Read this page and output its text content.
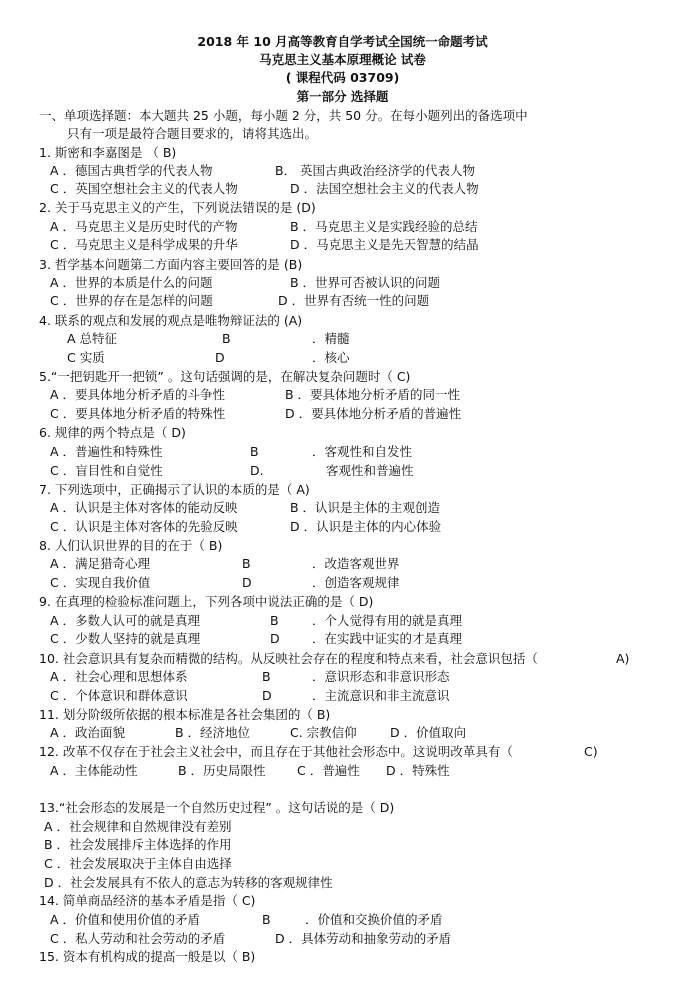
2018 年 10 月高等教育自学考试全国统一命题考试
马克思主义基本原理概论 试卷
( 课程代码 03709)
第一部分 选择题
一、单项选择题：本大题共 25 小题，每小题 2 分，共 50 分。在每小题列出的备选项中
只有一项是最符合题目要求的，请将其选出。
1. 斯密和李嘉图是 （ B)
A ．德国古典哲学的代表人物	B． 英国古典政治经济学的代表人物
C ．英国空想社会主义的代表人物	D ．法国空想社会主义的代表人物
2. 关于马克思主义的产生，下列说法错误的是 (D)
A ．马克思主义是历史时代的产物	B ．马克思主义是实践经验的总结
C ．马克思主义是科学成果的升华	D ．马克思主义是先天智慧的结晶
3. 哲学基本问题第二方面内容主要回答的是 (B)
A ．世界的本质是什么的问题	B ．世界可否被认识的问题
C ．世界的存在是怎样的问题	D ．世界有否统一性的问题
4. 联系的观点和发展的观点是唯物辩证法的 (A)
A 总特征	B	．精髓
C 实质	D	．核心
5.“一把钥匙开一把锁” 。这句话强调的是，在解决复杂问题时（ C)
A ．要具体地分析矛盾的斗争性	B ．要具体地分析矛盾的同一性
C ．要具体地分析矛盾的特殊性	D ．要具体地分析矛盾的普遍性
6. 规律的两个特点是（ D)
A ．普遍性和特殊性	B	．客观性和自发性
C ．盲目性和自觉性	D.	客观性和普遍性
7. 下列选项中，正确揭示了认识的本质的是（ A)
A ．认识是主体对客体的能动反映	B ．认识是主体的主观创造
C ．认识是主体对客体的先验反映	D ．认识是主体的内心体验
8. 人们认识世界的目的在于（ B)
A ．满足猎奇心理	B	．改造客观世界
C ．实现自我价值	D	．创造客观规律
9. 在真理的检验标准问题上，下列各项中说法正确的是（ D)
A ．多数人认可的就是真理	B	．个人觉得有用的就是真理
C ．少数人坚持的就是真理	D	．在实践中证实的才是真理
10. 社会意识具有复杂而精微的结构。从反映社会存在的程度和特点来看，社会意识包括（	A)
A ．社会心理和思想体系	B	．意识形态和非意识形态
C ．个体意识和群体意识	D	．主流意识和非主流意识
11. 划分阶级所依据的根本标准是各社会集团的（ B)
A ．政治面貌	B ．经济地位	C. 宗教信仰	D ．价值取向
12. 改革不仅存在于社会主义社会中，而且存在于其他社会形态中。这说明改革具有（	C)
A ．主体能动性	B ．历史局限性	C ．普遍性 D ．特殊性
13.“社会形态的发展是一个自然历史过程” 。这句话说的是（ D)
A ．社会规律和自然规律没有差别
B ．社会发展排斥主体选择的作用
C ．社会发展取决于主体自由选择
D ．社会发展具有不依人的意志为转移的客观规律性
14. 简单商品经济的基本矛盾是指（ C)
A ．价值和使用价值的矛盾	B	．价值和交换价值的矛盾
C ．私人劳动和社会劳动的矛盾	D ．具体劳动和抽象劳动的矛盾
15. 资本有机构成的提高一般是以（ B)
